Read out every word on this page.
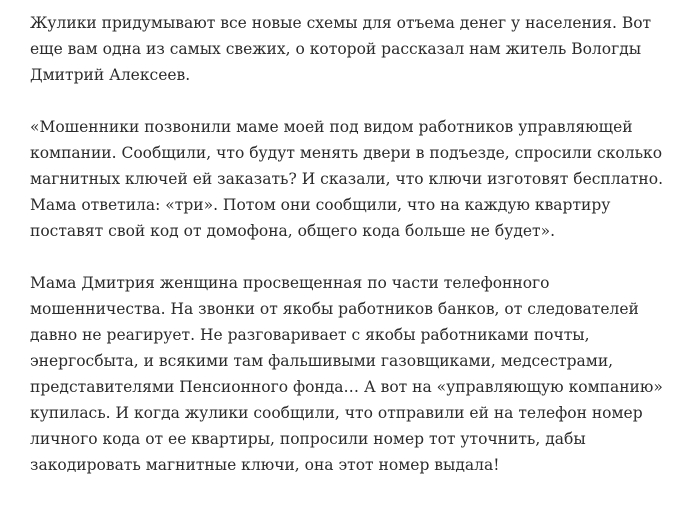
Жулики придумывают все новые схемы для отъема денег у населения. Вот еще вам одна из самых свежих, о которой рассказал нам житель Вологды Дмитрий Алексеев.

«Мошенники позвонили маме моей под видом работников управляющей компании. Сообщили, что будут менять двери в подъезде, спросили сколько магнитных ключей ей заказать? И сказали, что ключи изготовят бесплатно. Мама ответила: «три». Потом они сообщили, что на каждую квартиру поставят свой код от домофона, общего кода больше не будет».

Мама Дмитрия женщина просвещенная по части телефонного мошенничества. На звонки от якобы работников банков, от следователей давно не реагирует. Не разговаривает с якобы работниками почты, энергосбыта, и всякими там фальшивыми газовщиками, медсестрами, представителями Пенсионного фонда… А вот на «управляющую компанию» купилась. И когда жулики сообщили, что отправили ей на телефон номер личного кода от ее квартиры, попросили номер тот уточнить, дабы закодировать магнитные ключи, она этот номер выдала!
